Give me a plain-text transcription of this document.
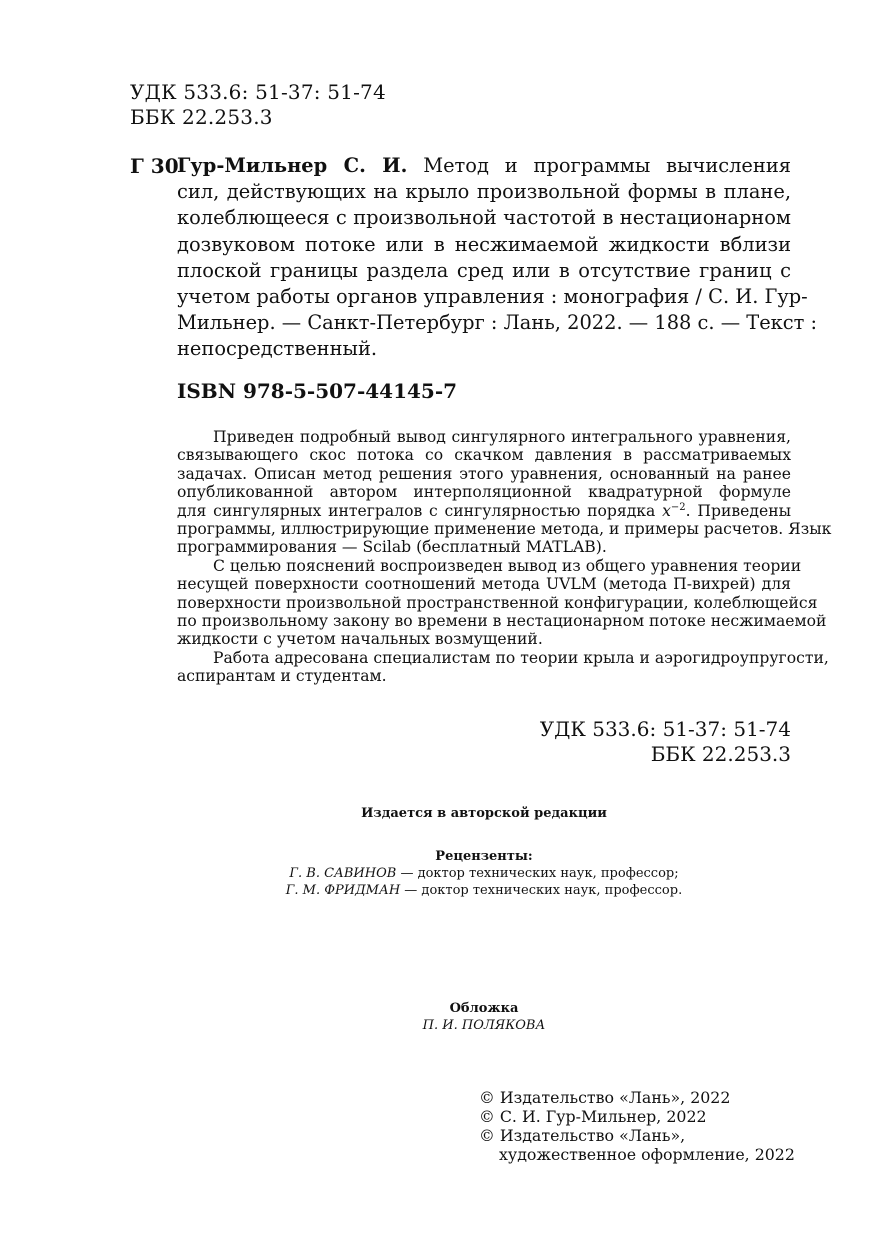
УДК 533.6: 51-37: 51-74
ББК 22.253.3
Г 30
Гур-Мильнер С. И. Метод и программы вычисления
сил, действующих на крыло произвольной формы в плане,
колеблющееся с произвольной частотой в нестационарном
дозвуковом потоке или в несжимаемой жидкости вблизи
плоской границы раздела сред или в отсутствие границ с
учетом работы органов управления : монография / С. И. Гур-
Мильнер. — Санкт-Петербург : Лань, 2022. — 188 с. — Текст :
непосредственный.
ISBN 978-5-507-44145-7
Приведен подробный вывод сингулярного интегрального уравнения,
связывающего скос потока со скачком давления в рассматриваемых
задачах. Описан метод решения этого уравнения, основанный на ранее
опубликованной автором интерполяционной квадратурной формуле
для сингулярных интегралов с сингулярностью порядка $x^{-2}$. Приведены
программы, иллюстрирующие применение метода, и примеры расчетов. Язык
программирования — Scilab (бесплатный MATLAB).
С целью пояснений воспроизведен вывод из общего уравнения теории
несущей поверхности соотношений метода UVLM (метода П-вихрей) для
поверхности произвольной пространственной конфигурации, колеблющейся
по произвольному закону во времени в нестационарном потоке несжимаемой
жидкости с учетом начальных возмущений.
Работа адресована специалистам по теории крыла и аэрогидроупругости,
аспирантам и студентам.
УДК 533.6: 51-37: 51-74
ББК 22.253.3
Издается в авторской редакции
Рецензенты:
Г. В. САВИНОВ — доктор технических наук, профессор;
Г. М. ФРИДМАН — доктор технических наук, профессор.
Обложка
П. И. ПОЛЯКОВА
© Издательство «Лань», 2022
© С. И. Гур-Мильнер, 2022
© Издательство «Лань»,
художественное оформление, 2022
